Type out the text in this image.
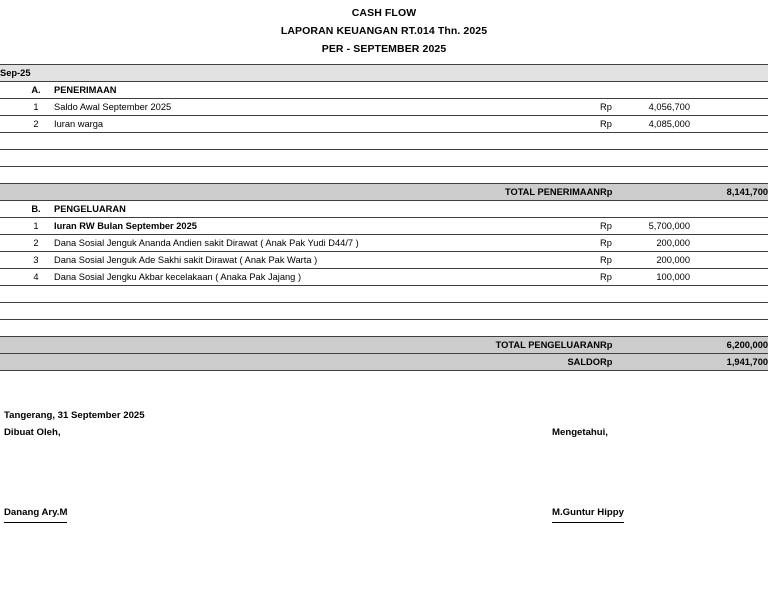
CASH FLOW
LAPORAN KEUANGAN RT.014 Thn. 2025
PER - SEPTEMBER 2025
Sep-25					
	A.	PENERIMAAN			
	1	Saldo Awal September 2025	Rp	4,056,700	
	2	Iuran warga	Rp	4,085,000	

TOTAL PENERIMAAN			Rp	8,141,700	
	B.	PENGELUARAN			
	1	Iuran RW Bulan September 2025	Rp	5,700,000	
	2	Dana Sosial Jenguk Ananda Andien sakit Dirawat ( Anak Pak Yudi D44/7 )	Rp	200,000	
	3	Dana Sosial Jenguk Ade Sakhi sakit Dirawat ( Anak Pak Warta )	Rp	200,000	
	4	Dana Sosial Jengku Akbar kecelakaan ( Anaka Pak Jajang )	Rp	100,000	

TOTAL PENGELUARAN			Rp	6,200,000	
SALDO			Rp	1,941,700	
Tangerang, 31 September 2025
Dibuat Oleh,	Mengetahui,
Danang Ary.M	M.Guntur Hippy
